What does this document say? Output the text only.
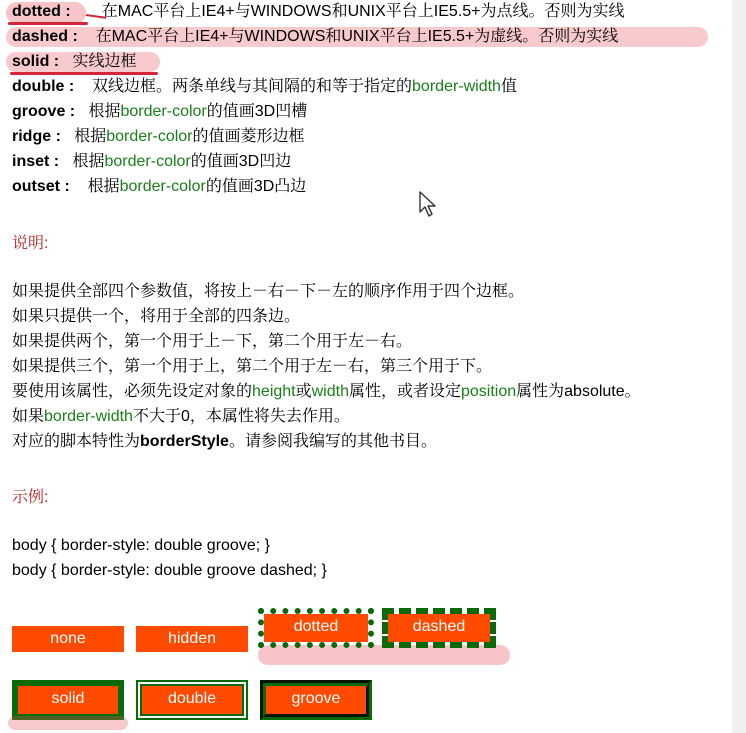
dotted : 在MAC平台上IE4+与WINDOWS和UNIX平台上IE5.5+为点线。否则为实线
dashed : 在MAC平台上IE4+与WINDOWS和UNIX平台上IE5.5+为虚线。否则为实线
solid : 实线边框
double : 双线边框。两条单线与其间隔的和等于指定的border-width值
groove : 根据border-color的值画3D凹槽
ridge : 根据border-color的值画菱形边框
inset : 根据border-color的值画3D凹边
outset : 根据border-color的值画3D凸边
说明:
如果提供全部四个参数值，将按上－右－下－左的顺序作用于四个边框。
如果只提供一个，将用于全部的四条边。
如果提供两个，第一个用于上－下，第二个用于左－右。
如果提供三个，第一个用于上，第二个用于左－右，第三个用于下。
要使用该属性，必须先设定对象的height或width属性，或者设定position属性为absolute。
如果border-width不大于0，本属性将失去作用。
对应的脚本特性为borderStyle。请参阅我编写的其他书目。
示例:
body { border-style: double groove; }
body { border-style: double groove dashed; }
none	hidden
dotted	dashed
solid	double	groove
